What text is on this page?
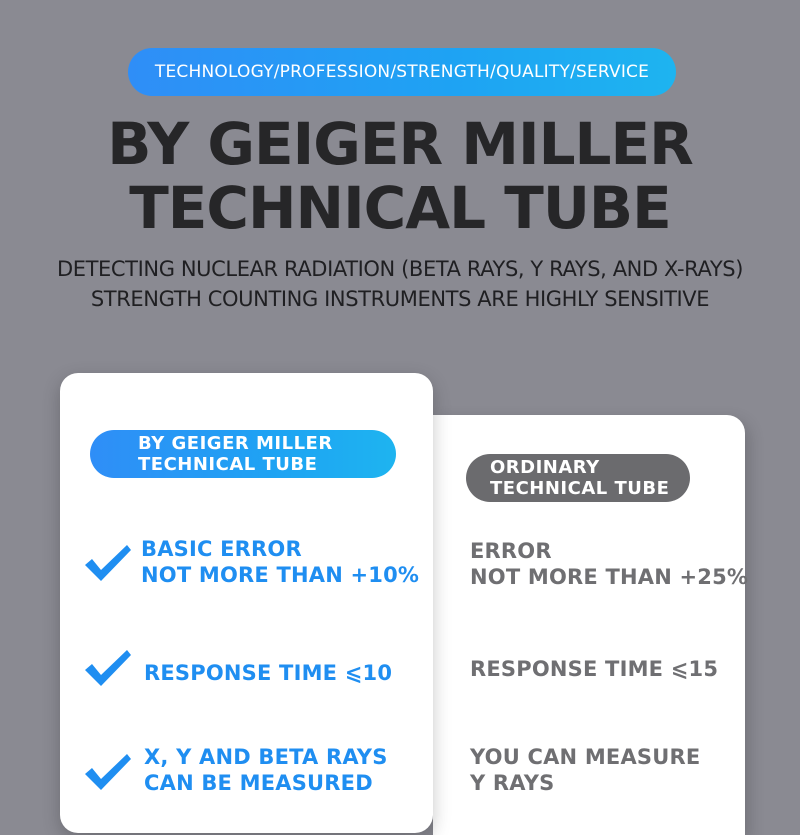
TECHNOLOGY/PROFESSION/STRENGTH/QUALITY/SERVICE
BY GEIGER MILLER
TECHNICAL TUBE
DETECTING NUCLEAR RADIATION (BETA RAYS, Y RAYS, AND X-RAYS)
STRENGTH COUNTING INSTRUMENTS ARE HIGHLY SENSITIVE
BY GEIGER MILLER
TECHNICAL TUBE	ORDINARY
TECHNICAL TUBE
BASIC ERROR
NOT MORE THAN +10%
RESPONSE TIME ⩽10
X, Y AND BETA RAYS
CAN BE MEASURED
ERROR
NOT MORE THAN +25%
RESPONSE TIME ⩽15
YOU CAN MEASURE
Y RAYS
